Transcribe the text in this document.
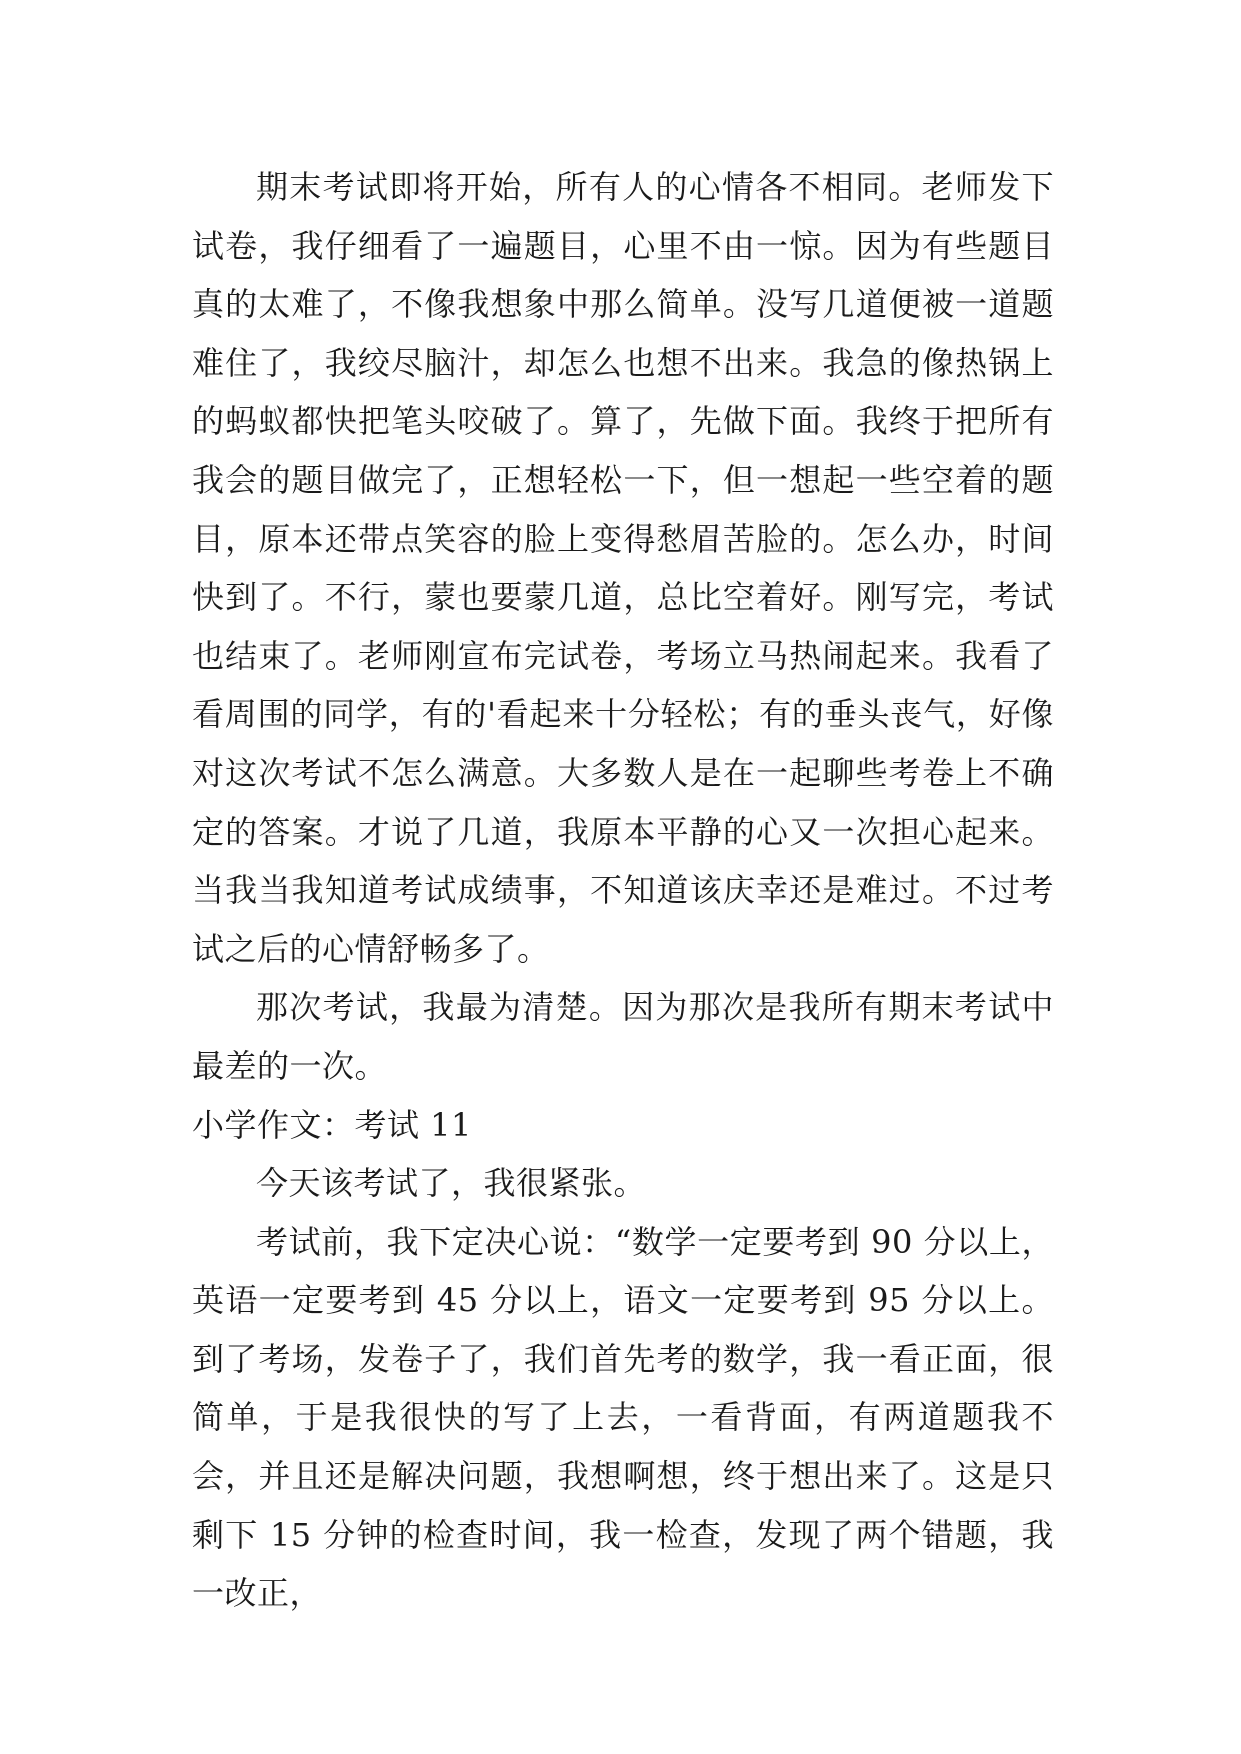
期末考试即将开始，所有人的心情各不相同。老师发下试卷，我仔细看了一遍题目，心里不由一惊。因为有些题目真的太难了，不像我想象中那么简单。没写几道便被一道题难住了，我绞尽脑汁，却怎么也想不出来。我急的像热锅上的蚂蚁都快把笔头咬破了。算了，先做下面。我终于把所有我会的题目做完了，正想轻松一下，但一想起一些空着的题目，原本还带点笑容的脸上变得愁眉苦脸的。怎么办，时间快到了。不行，蒙也要蒙几道，总比空着好。刚写完，考试也结束了。老师刚宣布完试卷，考场立马热闹起来。我看了看周围的同学，有的'看起来十分轻松；有的垂头丧气，好像对这次考试不怎么满意。大多数人是在一起聊些考卷上不确定的答案。才说了几道，我原本平静的心又一次担心起来。当我当我知道考试成绩事，不知道该庆幸还是难过。不过考试之后的心情舒畅多了。

那次考试，我最为清楚。因为那次是我所有期末考试中最差的一次。

小学作文：考试 11

今天该考试了，我很紧张。

考试前，我下定决心说：“数学一定要考到 90 分以上，英语一定要考到 45 分以上，语文一定要考到 95 分以上。到了考场，发卷子了，我们首先考的数学，我一看正面，很简单，于是我很快的写了上去，一看背面，有两道题我不会，并且还是解决问题，我想啊想，终于想出来了。这是只剩下 15 分钟的检查时间，我一检查，发现了两个错题，我一改正，
